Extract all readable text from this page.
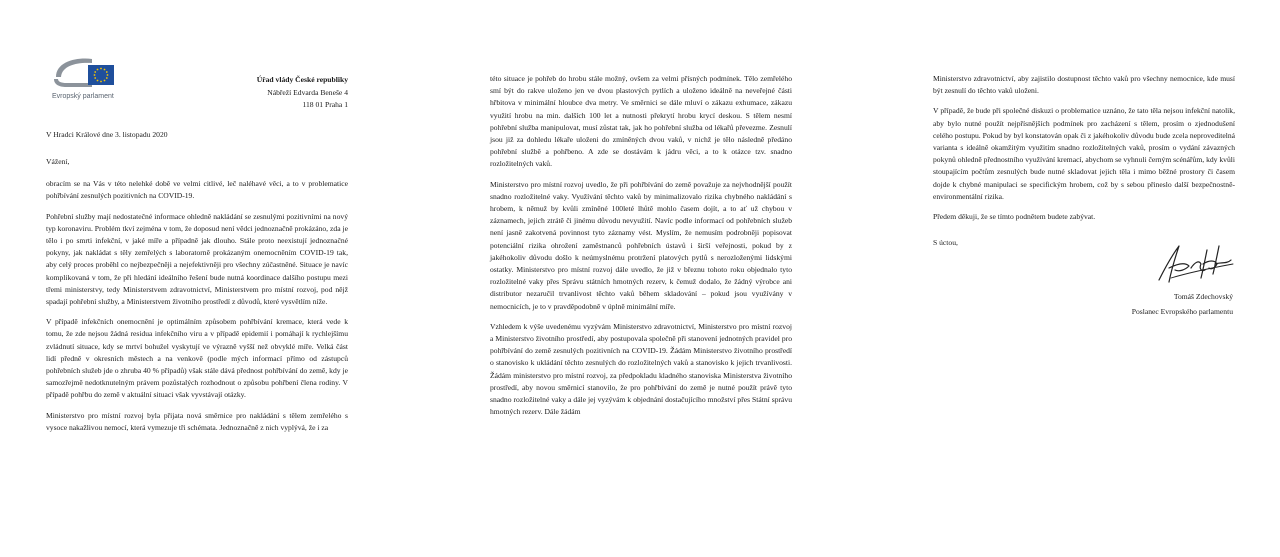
Evropský parlament
Úřad vlády České republiky
Nábřeží Edvarda Beneše 4
118 01 Praha 1
V Hradci Králové dne 3. listopadu 2020

Vážení,

obracím se na Vás v této nelehké době ve velmi citlivé, leč naléhavé věci, a to v problematice pohřbívání zesnulých pozitivních na COVID-19.

Pohřební služby mají nedostatečné informace ohledně nakládání se zesnulými pozitivními na nový typ koronaviru. Problém tkví zejména v tom, že doposud není vědci jednoznačně prokázáno, zda je tělo i po smrti infekční, v jaké míře a případně jak dlouho. Stále proto neexistují jednoznačné pokyny, jak nakládat s těly zemřelých s laboratorně prokázaným onemocněním COVID-19 tak, aby celý proces proběhl co nejbezpečněji a nejefektivněji pro všechny zúčastněné. Situace je navíc komplikovaná v tom, že při hledání ideálního řešení bude nutná koordinace dalšího postupu mezi třemi ministerstvy, tedy Ministerstvem zdravotnictví, Ministerstvem pro místní rozvoj, pod nějž spadají pohřební služby, a Ministerstvem životního prostředí z důvodů, které vysvětlím níže.

V případě infekčních onemocnění je optimálním způsobem pohřbívání kremace, která vede k tomu, že zde nejsou žádná residua infekčního viru a v případě epidemií i pomáhají k rychlejšímu zvládnutí situace, kdy se mrtví bohužel vyskytují ve výrazně vyšší než obvyklé míře. Velká část lidí předně v okresních městech a na venkově (podle mých informací přímo od zástupců pohřebních služeb jde o zhruba 40 % případů) však stále dává přednost pohřbívání do země, kdy je samozřejmě nedotknutelným právem pozůstalých rozhodnout o způsobu pohřbení člena rodiny. V případě pohřbu do země v aktuální situaci však vyvstávají otázky.

Ministerstvo pro místní rozvoj byla přijata nová směrnice pro nakládání s tělem zemřelého s vysoce nakažlivou nemocí, která vymezuje tři schémata. Jednoznačně z nich vyplývá, že i za

této situace je pohřeb do hrobu stále možný, ovšem za velmi přísných podmínek. Tělo zemřelého smí být do rakve uloženo jen ve dvou plastových pytlích a uloženo ideálně na neveřejné části hřbitova v minimální hloubce dva metry. Ve směrnici se dále mluví o zákazu exhumace, zákazu využití hrobu na min. dalších 100 let a nutnosti překrytí hrobu krycí deskou. S tělem nesmí pohřební služba manipulovat, musí zůstat tak, jak ho pohřební služba od lékařů převezme. Zesnulí jsou již za dohledu lékaře uloženi do zmíněných dvou vaků, v nichž je tělo následně předáno pohřební službě a pohřbeno. A zde se dostávám k jádru věci, a to k otázce tzv. snadno rozložitelných vaků.

Ministerstvo pro místní rozvoj uvedlo, že při pohřbívání do země považuje za nejvhodnější použít snadno rozložitelné vaky. Využívání těchto vaků by minimalizovalo rizika chybného nakládání s hrobem, k němuž by kvůli zmíněné 100leté lhůtě mohlo časem dojít, a to ať už chybou v záznamech, jejich ztrátě či jinému důvodu nevyužití. Navíc podle informací od pohřebních služeb není jasně zakotvená povinnost tyto záznamy vést. Myslím, že nemusím podrobněji popisovat potenciální rizika ohrožení zaměstnanců pohřebních ústavů i širší veřejnosti, pokud by z jakéhokoliv důvodu došlo k neúmyslnému protržení platových pytlů s nerozloženými lidskými ostatky. Ministerstvo pro místní rozvoj dále uvedlo, že již v březnu tohoto roku objednalo tyto rozložitelné vaky přes Správu státních hmotných rezerv, k čemuž dodalo, že žádný výrobce ani distributor nezaručil trvanlivost těchto vaků během skladování – pokud jsou využívány v nemocnicích, je to v pravděpodobně v úplně minimální míře.

Vzhledem k výše uvedenému vyzývám Ministerstvo zdravotnictví, Ministerstvo pro místní rozvoj a Ministerstvo životního prostředí, aby postupovala společně při stanovení jednotných pravidel pro pohřbívání do země zesnulých pozitivních na COVID-19. Žádám Ministerstvo životního prostředí o stanovisko k ukládání těchto zesnulých do rozložitelných vaků a stanovisko k jejich trvanlivosti. Žádám ministerstvo pro místní rozvoj, za předpokladu kladného stanoviska Ministerstva životního prostředí, aby novou směrnicí stanovilo, že pro pohřbívání do země je nutné použít právě tyto snadno rozložitelné vaky a dále jej vyzývám k objednání dostačujícího množství přes Státní správu hmotných rezerv. Dále žádám

Ministerstvo zdravotnictví, aby zajistilo dostupnost těchto vaků pro všechny nemocnice, kde musí být zesnulí do těchto vaků uloženi.

V případě, že bude při společné diskuzi o problematice uznáno, že tato těla nejsou infekční natolik, aby bylo nutné použít nejpřísnějších podmínek pro zacházení s tělem, prosím o zjednodušení celého postupu. Pokud by byl konstatován opak či z jakéhokoliv důvodu bude zcela neproveditelná varianta s ideálně okamžitým využitím snadno rozložitelných vaků, prosím o vydání závazných pokynů ohledně přednostního využívání kremací, abychom se vyhnuli černým scénářům, kdy kvůli stoupajícím počtům zesnulých bude nutné skladovat jejich těla i mimo běžné prostory či časem dojde k chybné manipulaci se specifickým hrobem, což by s sebou přineslo další bezpečnostně-environmentální rizika.

Předem děkuji, že se tímto podnětem budete zabývat.

S úctou,

Tomáš Zdechovský
Poslanec Evropského parlamentu
